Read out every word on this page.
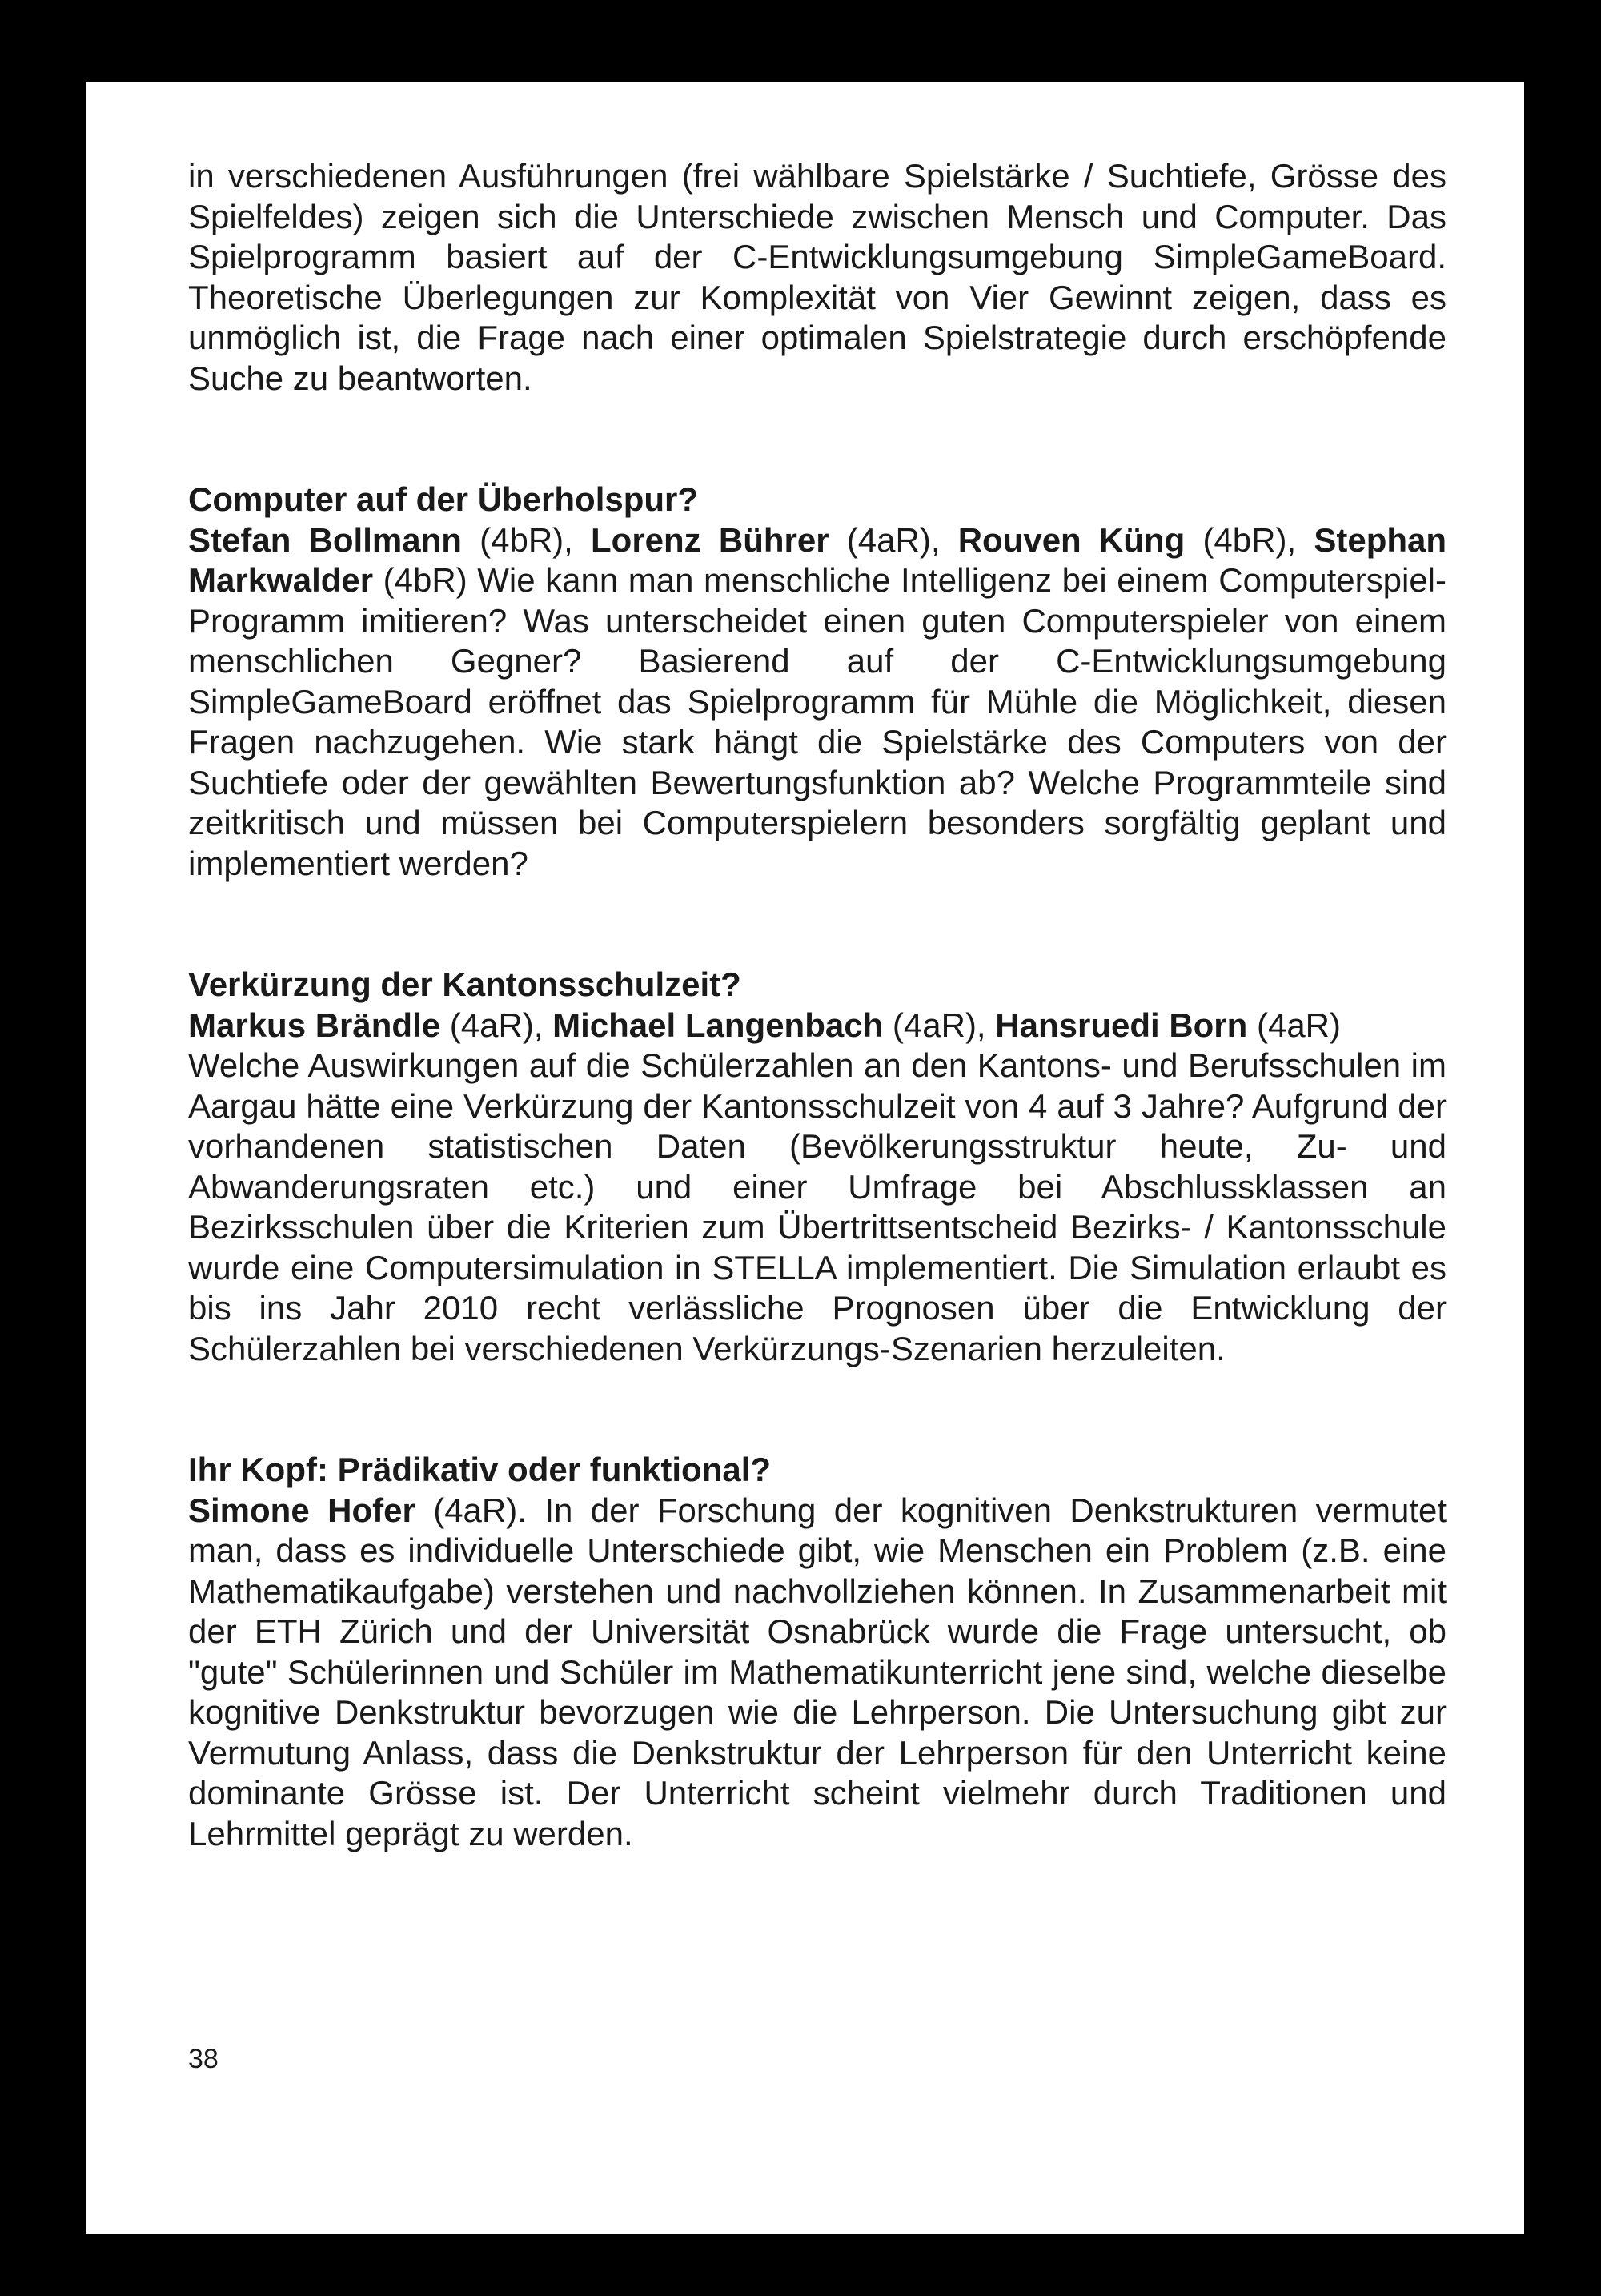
in verschiedenen Ausführungen (frei wählbare Spielstärke / Suchtiefe, Grösse des Spielfeldes) zeigen sich die Unterschiede zwischen Mensch und Computer. Das Spielprogramm basiert auf der C-Entwicklungsumgebung SimpleGameBoard. Theoretische Überlegungen zur Komplexität von Vier Gewinnt zeigen, dass es unmöglich ist, die Frage nach einer optimalen Spielstrategie durch erschöpfende Suche zu beantworten.

Computer auf der Überholspur?

Stefan Bollmann (4bR), Lorenz Bührer (4aR), Rouven Küng (4bR), Stephan Markwalder (4bR) Wie kann man menschliche Intelligenz bei einem Computerspiel-Programm imitieren? Was unterscheidet einen guten Computerspieler von einem menschlichen Gegner? Basierend auf der C-Entwicklungsumgebung SimpleGameBoard eröffnet das Spielprogramm für Mühle die Möglichkeit, diesen Fragen nachzugehen. Wie stark hängt die Spielstärke des Computers von der Suchtiefe oder der gewählten Bewertungsfunktion ab? Welche Programmteile sind zeitkritisch und müssen bei Computerspielern besonders sorgfältig geplant und implementiert werden?

Verkürzung der Kantonsschulzeit?

Markus Brändle (4aR), Michael Langenbach (4aR), Hansruedi Born (4aR)

Welche Auswirkungen auf die Schülerzahlen an den Kantons- und Berufsschulen im Aargau hätte eine Verkürzung der Kantonsschulzeit von 4 auf 3 Jahre? Aufgrund der vorhandenen statistischen Daten (Bevölkerungsstruktur heute, Zu- und Abwanderungsraten etc.) und einer Umfrage bei Abschlussklassen an Bezirksschulen über die Kriterien zum Übertrittsentscheid Bezirks- / Kantonsschule wurde eine Computersimulation in STELLA implementiert. Die Simulation erlaubt es bis ins Jahr 2010 recht verlässliche Prognosen über die Entwicklung der Schülerzahlen bei verschiedenen Verkürzungs-Szenarien herzuleiten.

Ihr Kopf: Prädikativ oder funktional?

Simone Hofer (4aR). In der Forschung der kognitiven Denkstrukturen vermutet man, dass es individuelle Unterschiede gibt, wie Menschen ein Problem (z.B. eine Mathematikaufgabe) verstehen und nachvollziehen können. In Zusammenarbeit mit der ETH Zürich und der Universität Osnabrück wurde die Frage untersucht, ob "gute" Schülerinnen und Schüler im Mathematikunterricht jene sind, welche dieselbe kognitive Denkstruktur bevorzugen wie die Lehrperson. Die Untersuchung gibt zur Vermutung Anlass, dass die Denkstruktur der Lehrperson für den Unterricht keine dominante Grösse ist. Der Unterricht scheint vielmehr durch Traditionen und Lehrmittel geprägt zu werden.

38
